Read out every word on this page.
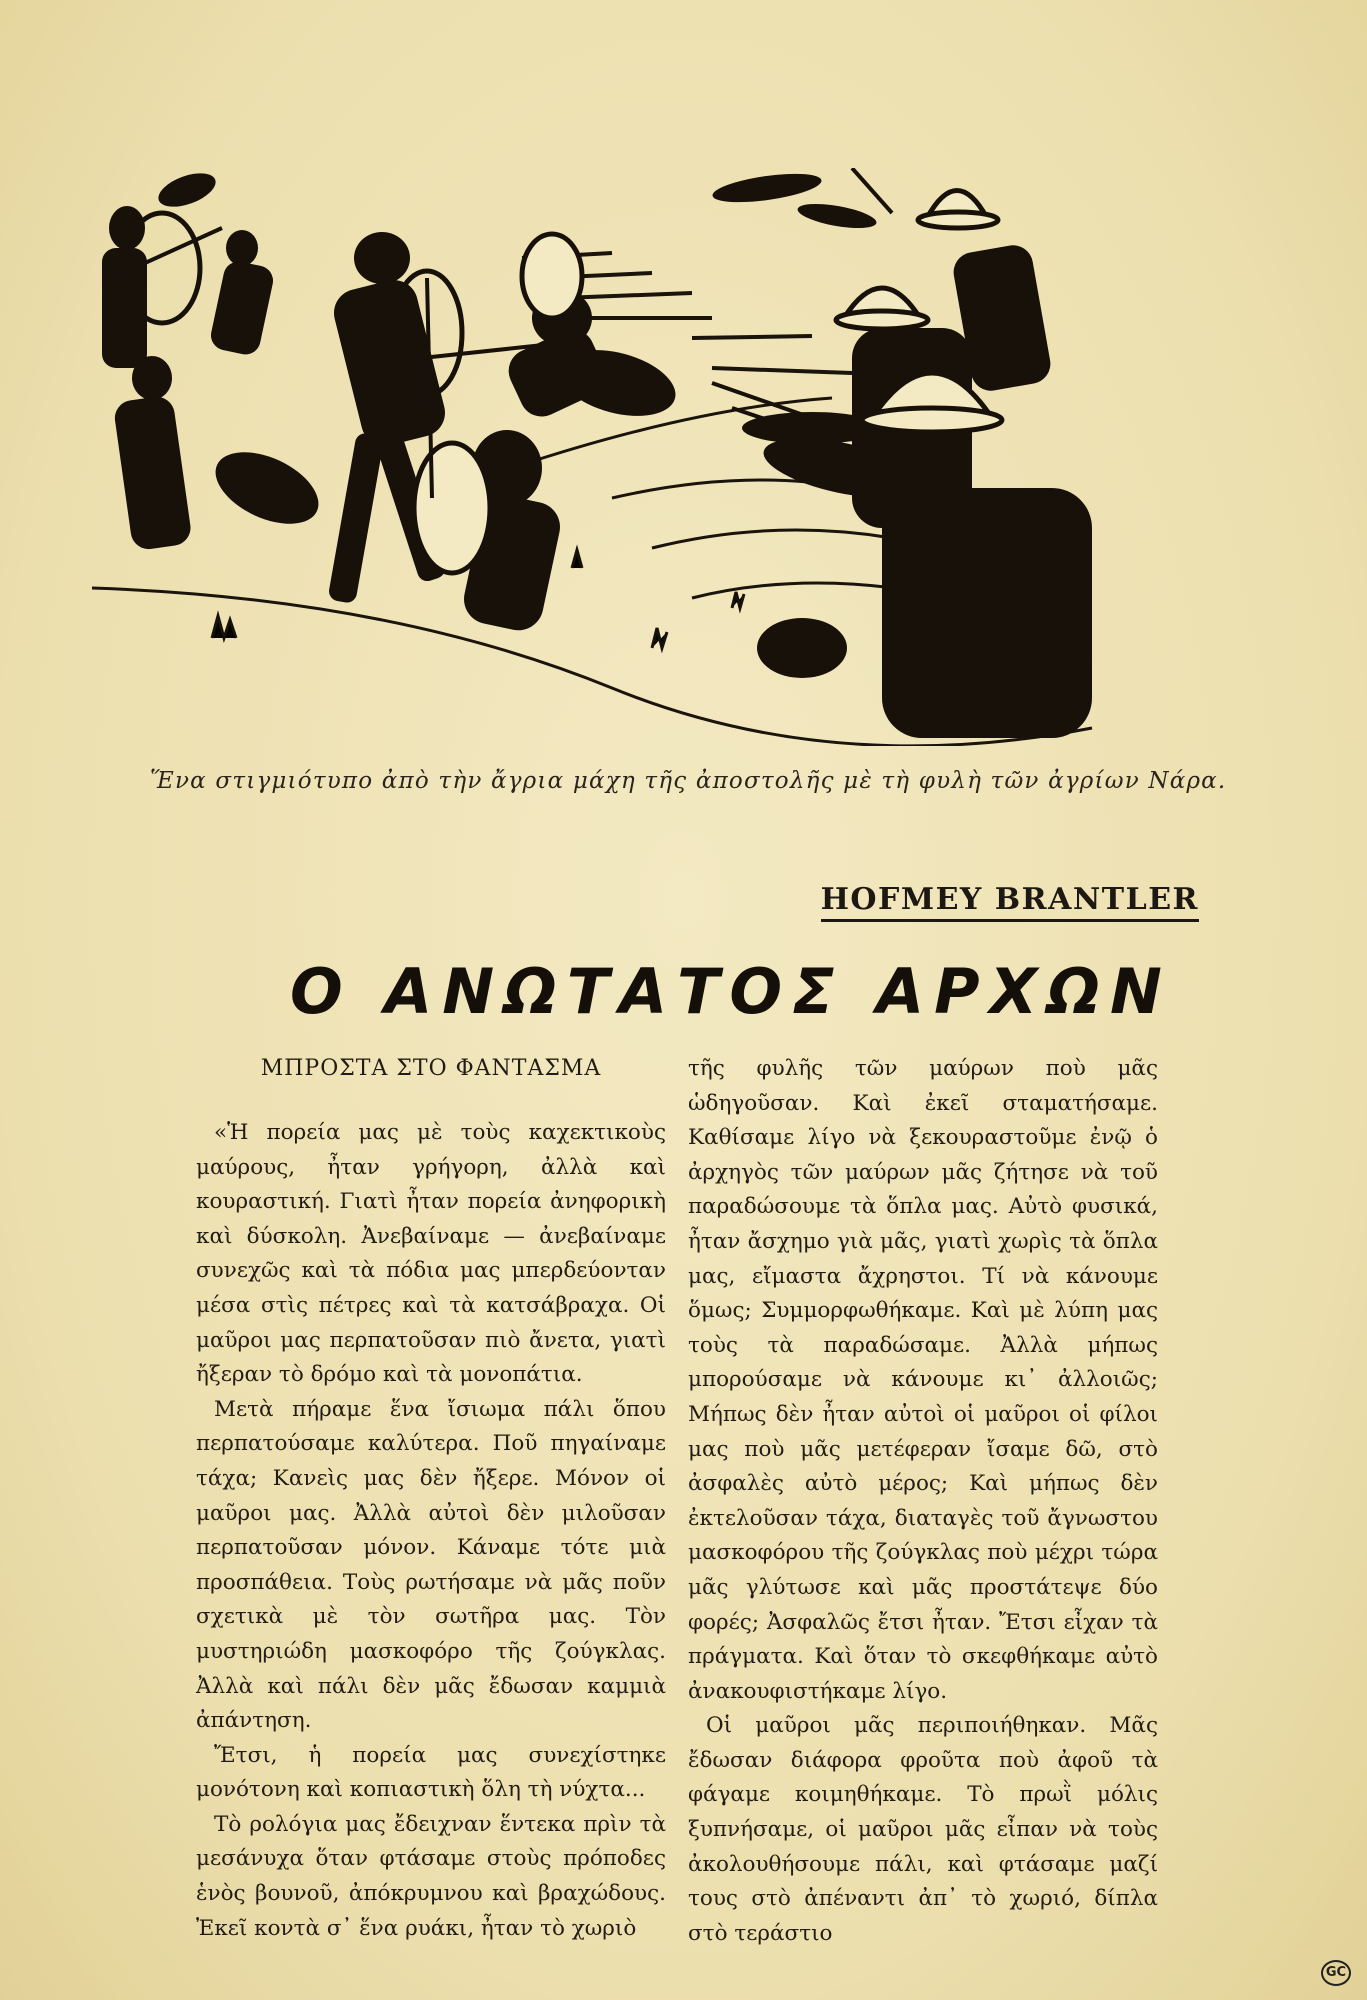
Ἕνα στιγμιότυπο ἀπὸ τὴν ἄγρια μάχη τῆς ἀποστολῆς μὲ τὴ φυλὴ τῶν ἀγρίων Νάρα.
HOFMEY BRANTLER
Ο ΑΝΩΤΑΤΟΣ ΑΡΧΩΝ
ΜΠΡΟΣΤΑ ΣΤΟ ΦΑΝΤΑΣΜΑ

«Ἡ πορεία μας μὲ τοὺς καχεκτικοὺς μαύρους, ἦταν γρήγορη, ἀλλὰ καὶ κουραστική. Γιατὶ ἦταν πορεία ἀνηφορικὴ καὶ δύσκολη. Ἀνεβαίναμε — ἀνεβαίναμε συνεχῶς καὶ τὰ πόδια μας μπερδεύονταν μέσα στὶς πέτρες καὶ τὰ κατσάβραχα. Οἱ μαῦροι μας περπατοῦσαν πιὸ ἄνετα, γιατὶ ἤξεραν τὸ δρόμο καὶ τὰ μονοπάτια.

Μετὰ πήραμε ἕνα ἴσιωμα πάλι ὅπου περπατούσαμε καλύτερα. Ποῦ πηγαίναμε τάχα; Κανεὶς μας δὲν ἤξερε. Μόνον οἱ μαῦροι μας. Ἀλλὰ αὐτοὶ δὲν μιλοῦσαν περπατοῦσαν μόνον. Κάναμε τότε μιὰ προσπάθεια. Τοὺς ρωτήσαμε νὰ μᾶς ποῦν σχετικὰ μὲ τὸν σωτῆρα μας. Τὸν μυστηριώδη μασκοφόρο τῆς ζούγκλας. Ἀλλὰ καὶ πάλι δὲν μᾶς ἔδωσαν καμμιὰ ἀπάντηση.

Ἔτσι, ἡ πορεία μας συνεχίστηκε μονότονη καὶ κοπιαστικὴ ὅλη τὴ νύχτα...

Τὸ ρολόγια μας ἔδειχναν ἕντεκα πρὶν τὰ μεσάνυχα ὅταν φτάσαμε στοὺς πρόποδες ἑνὸς βουνοῦ, ἀπόκρυμνου καὶ βραχώδους. Ἐκεῖ κοντὰ σ᾽ ἕνα ρυάκι, ἦταν τὸ χωριὸ

τῆς φυλῆς τῶν μαύρων ποὺ μᾶς ὡδηγοῦσαν. Καὶ ἐκεῖ σταματήσαμε. Καθίσαμε λίγο νὰ ξεκουραστοῦμε ἐνῷ ὁ ἀρχηγὸς τῶν μαύρων μᾶς ζήτησε νὰ τοῦ παραδώσουμε τὰ ὅπλα μας. Αὐτὸ φυσικά, ἦταν ἄσχημο γιὰ μᾶς, γιατὶ χωρὶς τὰ ὅπλα μας, εἴμαστα ἄχρηστοι. Τί νὰ κάνουμε ὅμως; Συμμορφωθήκαμε. Καὶ μὲ λύπη μας τοὺς τὰ παραδώσαμε. Ἀλλὰ μήπως μπορούσαμε νὰ κάνουμε κι᾽ ἀλλοιῶς; Μήπως δὲν ἦταν αὐτοὶ οἱ μαῦροι οἱ φίλοι μας ποὺ μᾶς μετέφεραν ἴσαμε δῶ, στὸ ἀσφαλὲς αὐτὸ μέρος; Καὶ μήπως δὲν ἐκτελοῦσαν τάχα, διαταγὲς τοῦ ἄγνωστου μασκοφόρου τῆς ζούγκλας ποὺ μέχρι τώρα μᾶς γλύτωσε καὶ μᾶς προστάτεψε δύο φορές; Ἀσφαλῶς ἔτσι ἦταν. Ἔτσι εἶχαν τὰ πράγματα. Καὶ ὅταν τὸ σκεφθήκαμε αὐτὸ ἀνακουφιστήκαμε λίγο.

Οἱ μαῦροι μᾶς περιποιήθηκαν. Μᾶς ἔδωσαν διάφορα φροῦτα ποὺ ἀφοῦ τὰ φάγαμε κοιμηθήκαμε. Τὸ πρωῒ μόλις ξυπνήσαμε, οἱ μαῦροι μᾶς εἶπαν νὰ τοὺς ἀκολουθήσουμε πάλι, καὶ φτάσαμε μαζί τους στὸ ἀπέναντι ἀπ᾽ τὸ χωριό, δίπλα στὸ τεράστιο

GC
